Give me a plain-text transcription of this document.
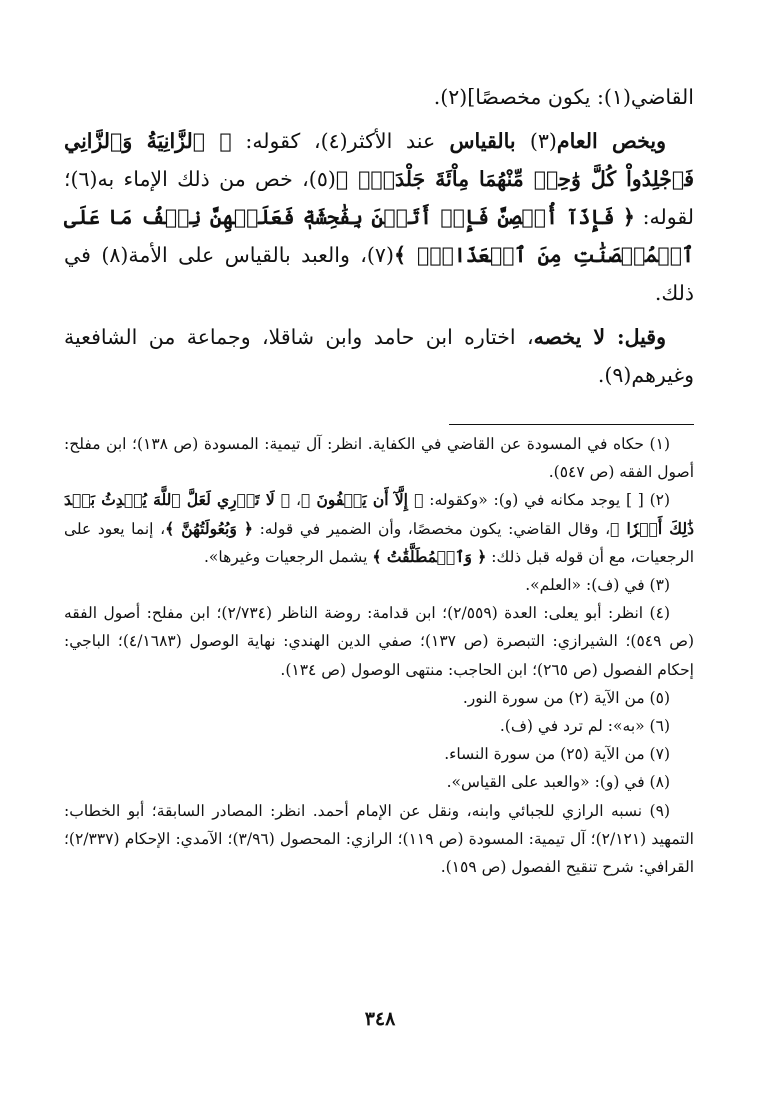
القاضي(١): يكون مخصصًا](٢).

ويخص العام(٣) بالقياس عند الأكثر(٤)، كقوله: ﴿ ٱلزَّانِيَةُ وَٱلزَّانِي فَٱجْلِدُواْ كُلَّ وَٰحِدٖ مِّنْهُمَا مِاْئَةَ جَلْدَةٖۖ ﴾(٥)، خص من ذلك الإماء به(٦)؛ لقوله: ﴿ فَإِذَآ أُحۡصِنَّ فَإِنۡ أَتَيۡنَ بِفَٰحِشَةٖ فَعَلَيۡهِنَّ نِصۡفُ مَا عَلَى ٱلۡمُحۡصَنَٰتِ مِنَ ٱلۡعَذَابِۚ ﴾(٧)، والعبد بالقياس على الأمة(٨) في ذلك.

وقيل: لا يخصه، اختاره ابن حامد وابن شاقلا، وجماعة من الشافعية وغيرهم(٩).

(١) حكاه في المسودة عن القاضي في الكفاية. انظر: آل تيمية: المسودة (ص ١٣٨)؛ ابن مفلح: أصول الفقه (ص ٥٤٧).

(٢) [ ] يوجد مكانه في (و): «وكقوله: ﴿ إِلَّآ أَن يَعۡفُونَ ﴾، ﴿ لَا تَدۡرِي لَعَلَّ ٱللَّهَ يُحۡدِثُ بَعۡدَ ذَٰلِكَ أَمۡرٗا ﴾، وقال القاضي: يكون مخصصًا، وأن الضمير في قوله: ﴿ وَبُعُولَتُهُنَّ ﴾، إنما يعود على الرجعيات، مع أن قوله قبل ذلك: ﴿ وَٱلۡمُطَلَّقَٰتُ ﴾ يشمل الرجعيات وغيرها».

(٣) في (ف): «العلم».

(٤) انظر: أبو يعلى: العدة (٢/٥٥٩)؛ ابن قدامة: روضة الناظر (٢/٧٣٤)؛ ابن مفلح: أصول الفقه (ص ٥٤٩)؛ الشيرازي: التبصرة (ص ١٣٧)؛ صفي الدين الهندي: نهاية الوصول (٤/١٦٨٣)؛ الباجي: إحكام الفصول (ص ٢٦٥)؛ ابن الحاجب: منتهى الوصول (ص ١٣٤).

(٥) من الآية (٢) من سورة النور.

(٦) «به»: لم ترد في (ف).

(٧) من الآية (٢٥) من سورة النساء.

(٨) في (و): «والعبد على القياس».

(٩) نسبه الرازي للجبائي وابنه، ونقل عن الإمام أحمد. انظر: المصادر السابقة؛ أبو الخطاب: التمهيد (٢/١٢١)؛ آل تيمية: المسودة (ص ١١٩)؛ الرازي: المحصول (٣/٩٦)؛ الآمدي: الإحكام (٢/٣٣٧)؛ القرافي: شرح تنقيح الفصول (ص ١٥٩).

٣٤٨
